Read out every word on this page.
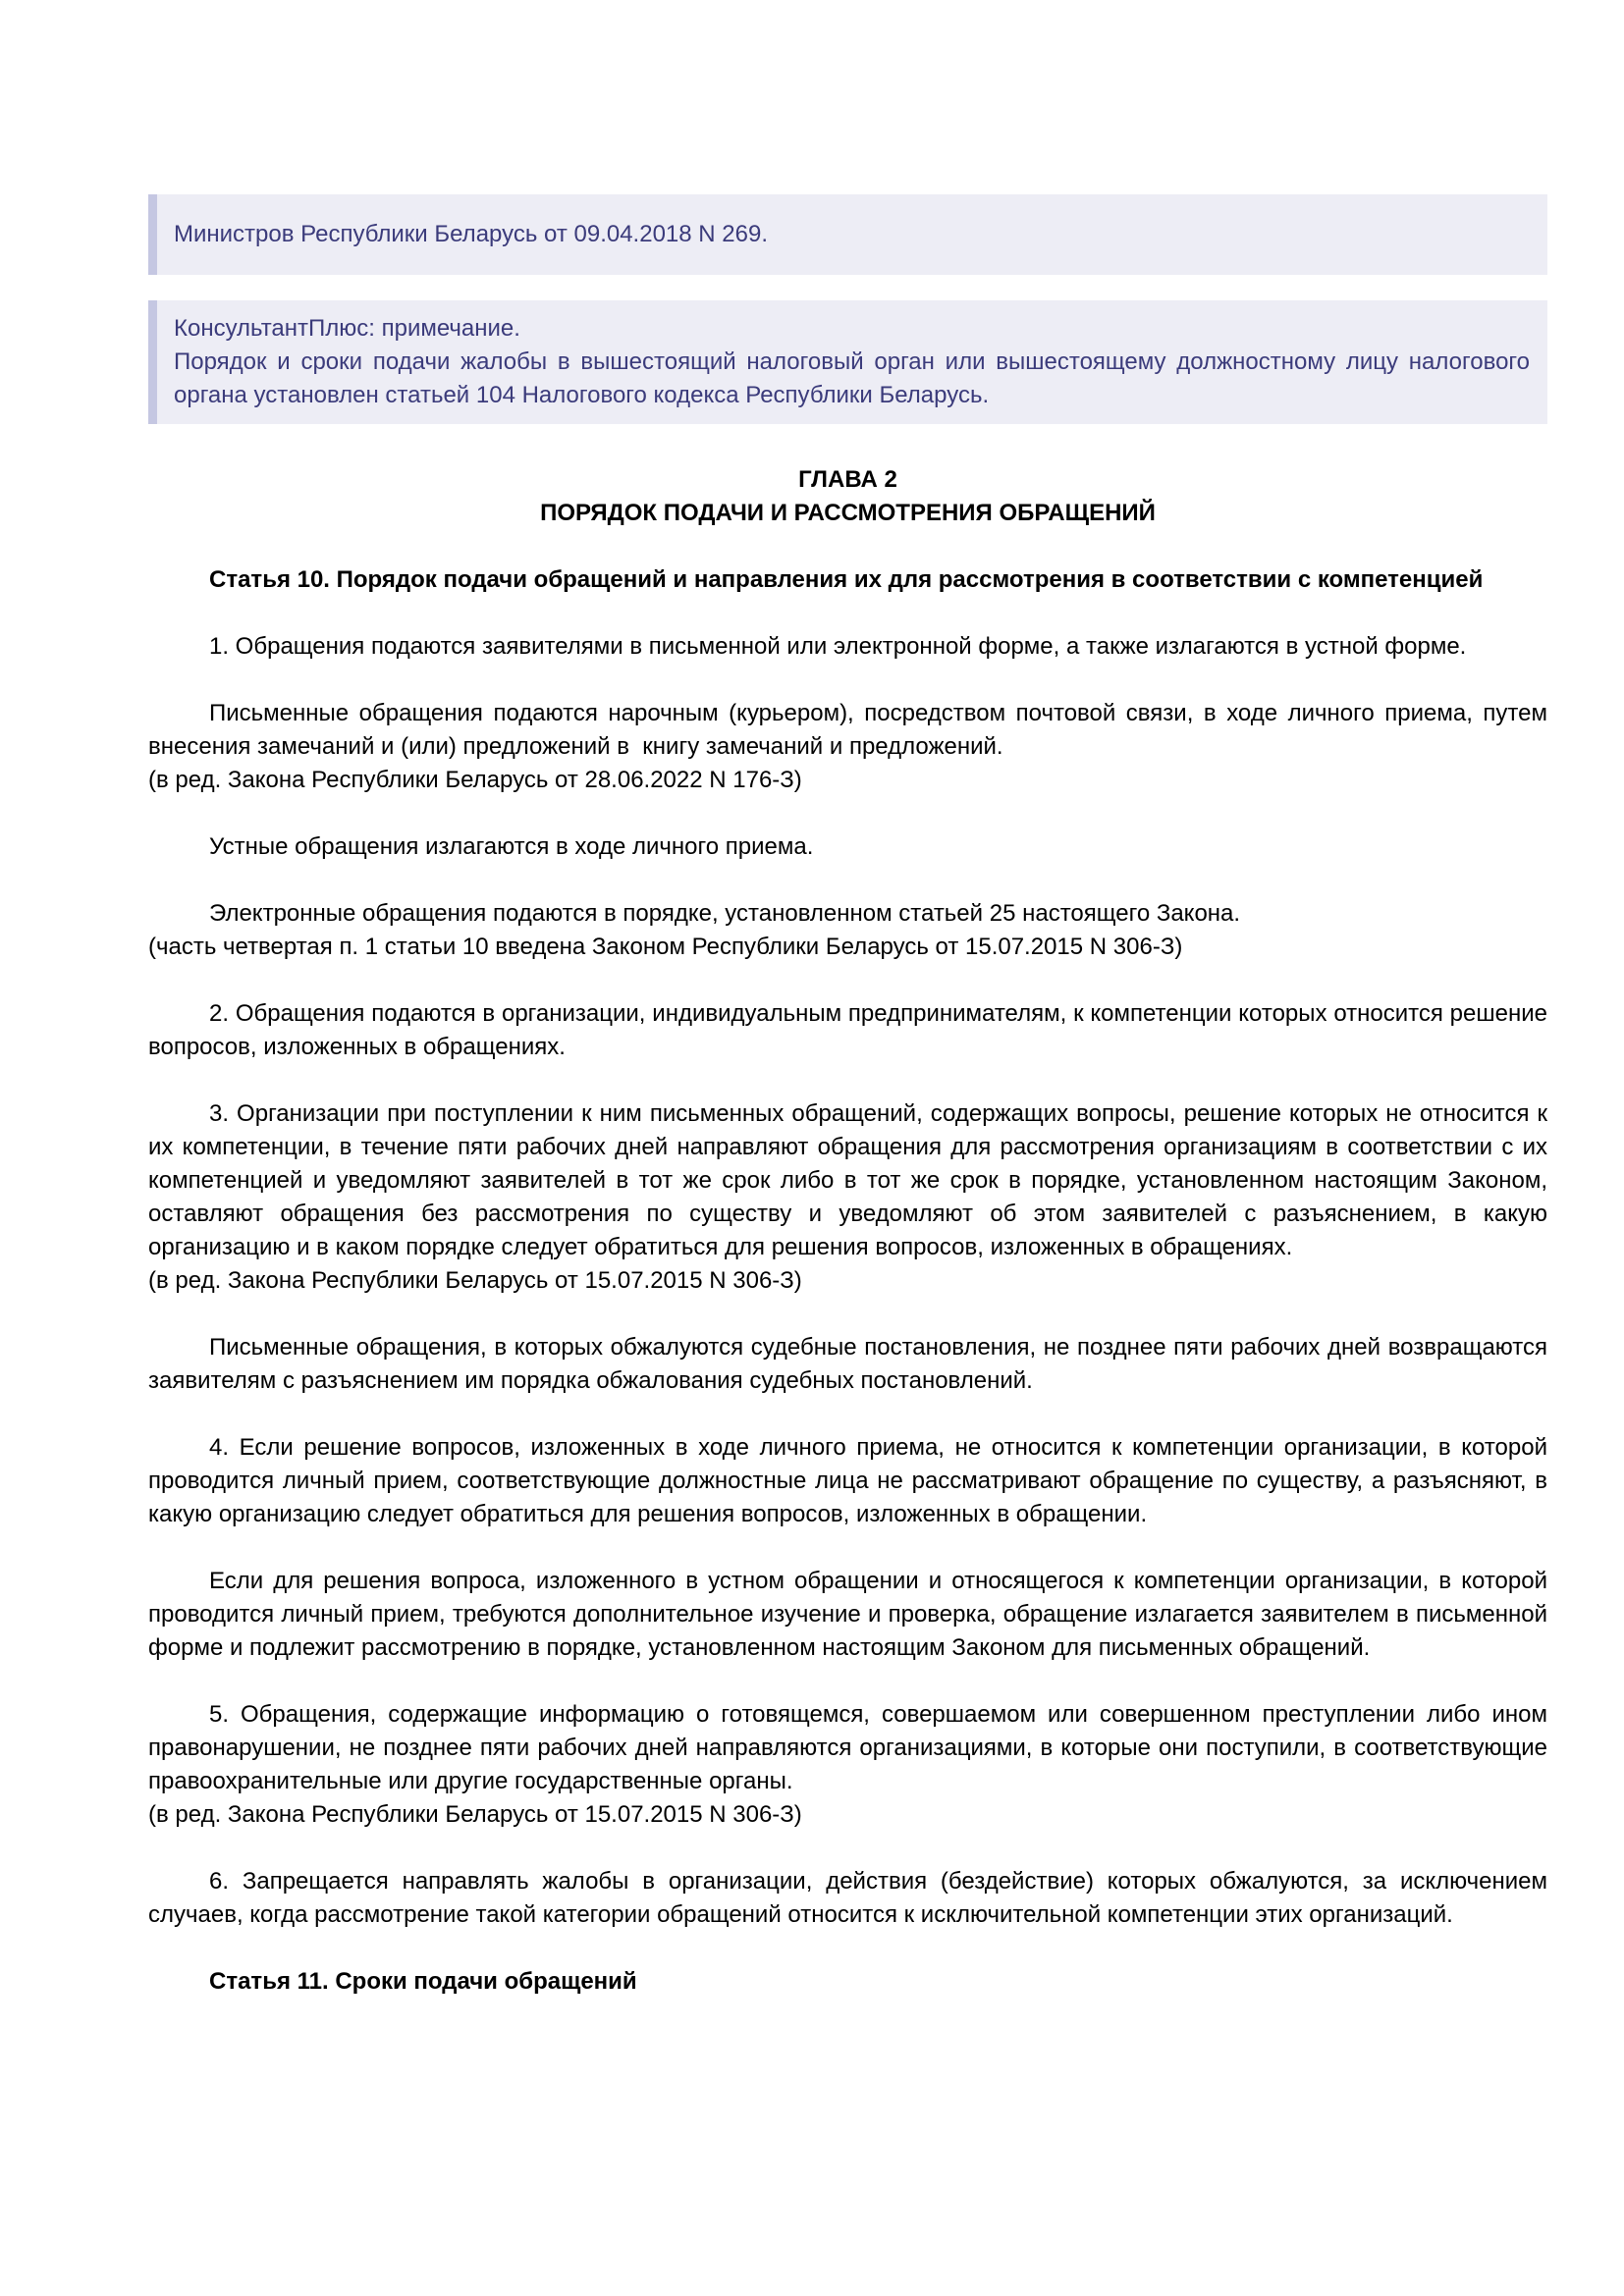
Министров Республики Беларусь от 09.04.2018 N 269.

КонсультантПлюс: примечание.

Порядок и сроки подачи жалобы в вышестоящий налоговый орган или вышестоящему должностному лицу налогового органа установлен статьей 104 Налогового кодекса Республики Беларусь.

ГЛАВА 2
ПОРЯДОК ПОДАЧИ И РАССМОТРЕНИЯ ОБРАЩЕНИЙ

Статья 10. Порядок подачи обращений и направления их для рассмотрения в соответствии с компетенцией

1. Обращения подаются заявителями в письменной или электронной форме, а также излагаются в устной форме.

Письменные обращения подаются нарочным (курьером), посредством почтовой связи, в ходе личного приема, путем внесения замечаний и (или) предложений в  книгу замечаний и предложений.

(в ред. Закона Республики Беларусь от 28.06.2022 N 176-З)

Устные обращения излагаются в ходе личного приема.

Электронные обращения подаются в порядке, установленном статьей 25 настоящего Закона.

(часть четвертая п. 1 статьи 10 введена Законом Республики Беларусь от 15.07.2015 N 306-З)

2. Обращения подаются в организации, индивидуальным предпринимателям, к компетенции которых относится решение вопросов, изложенных в обращениях.

3. Организации при поступлении к ним письменных обращений, содержащих вопросы, решение которых не относится к их компетенции, в течение пяти рабочих дней направляют обращения для рассмотрения организациям в соответствии с их компетенцией и уведомляют заявителей в тот же срок либо в тот же срок в порядке, установленном настоящим Законом, оставляют обращения без рассмотрения по существу и уведомляют об этом заявителей с разъяснением, в какую организацию и в каком порядке следует обратиться для решения вопросов, изложенных в обращениях.

(в ред. Закона Республики Беларусь от 15.07.2015 N 306-З)

Письменные обращения, в которых обжалуются судебные постановления, не позднее пяти рабочих дней возвращаются заявителям с разъяснением им порядка обжалования судебных постановлений.

4. Если решение вопросов, изложенных в ходе личного приема, не относится к компетенции организации, в которой проводится личный прием, соответствующие должностные лица не рассматривают обращение по существу, а разъясняют, в какую организацию следует обратиться для решения вопросов, изложенных в обращении.

Если для решения вопроса, изложенного в устном обращении и относящегося к компетенции организации, в которой проводится личный прием, требуются дополнительное изучение и проверка, обращение излагается заявителем в письменной форме и подлежит рассмотрению в порядке, установленном настоящим Законом для письменных обращений.

5. Обращения, содержащие информацию о готовящемся, совершаемом или совершенном преступлении либо ином правонарушении, не позднее пяти рабочих дней направляются организациями, в которые они поступили, в соответствующие правоохранительные или другие государственные органы.

(в ред. Закона Республики Беларусь от 15.07.2015 N 306-З)

6. Запрещается направлять жалобы в организации, действия (бездействие) которых обжалуются, за исключением случаев, когда рассмотрение такой категории обращений относится к исключительной компетенции этих организаций.

Статья 11. Сроки подачи обращений
